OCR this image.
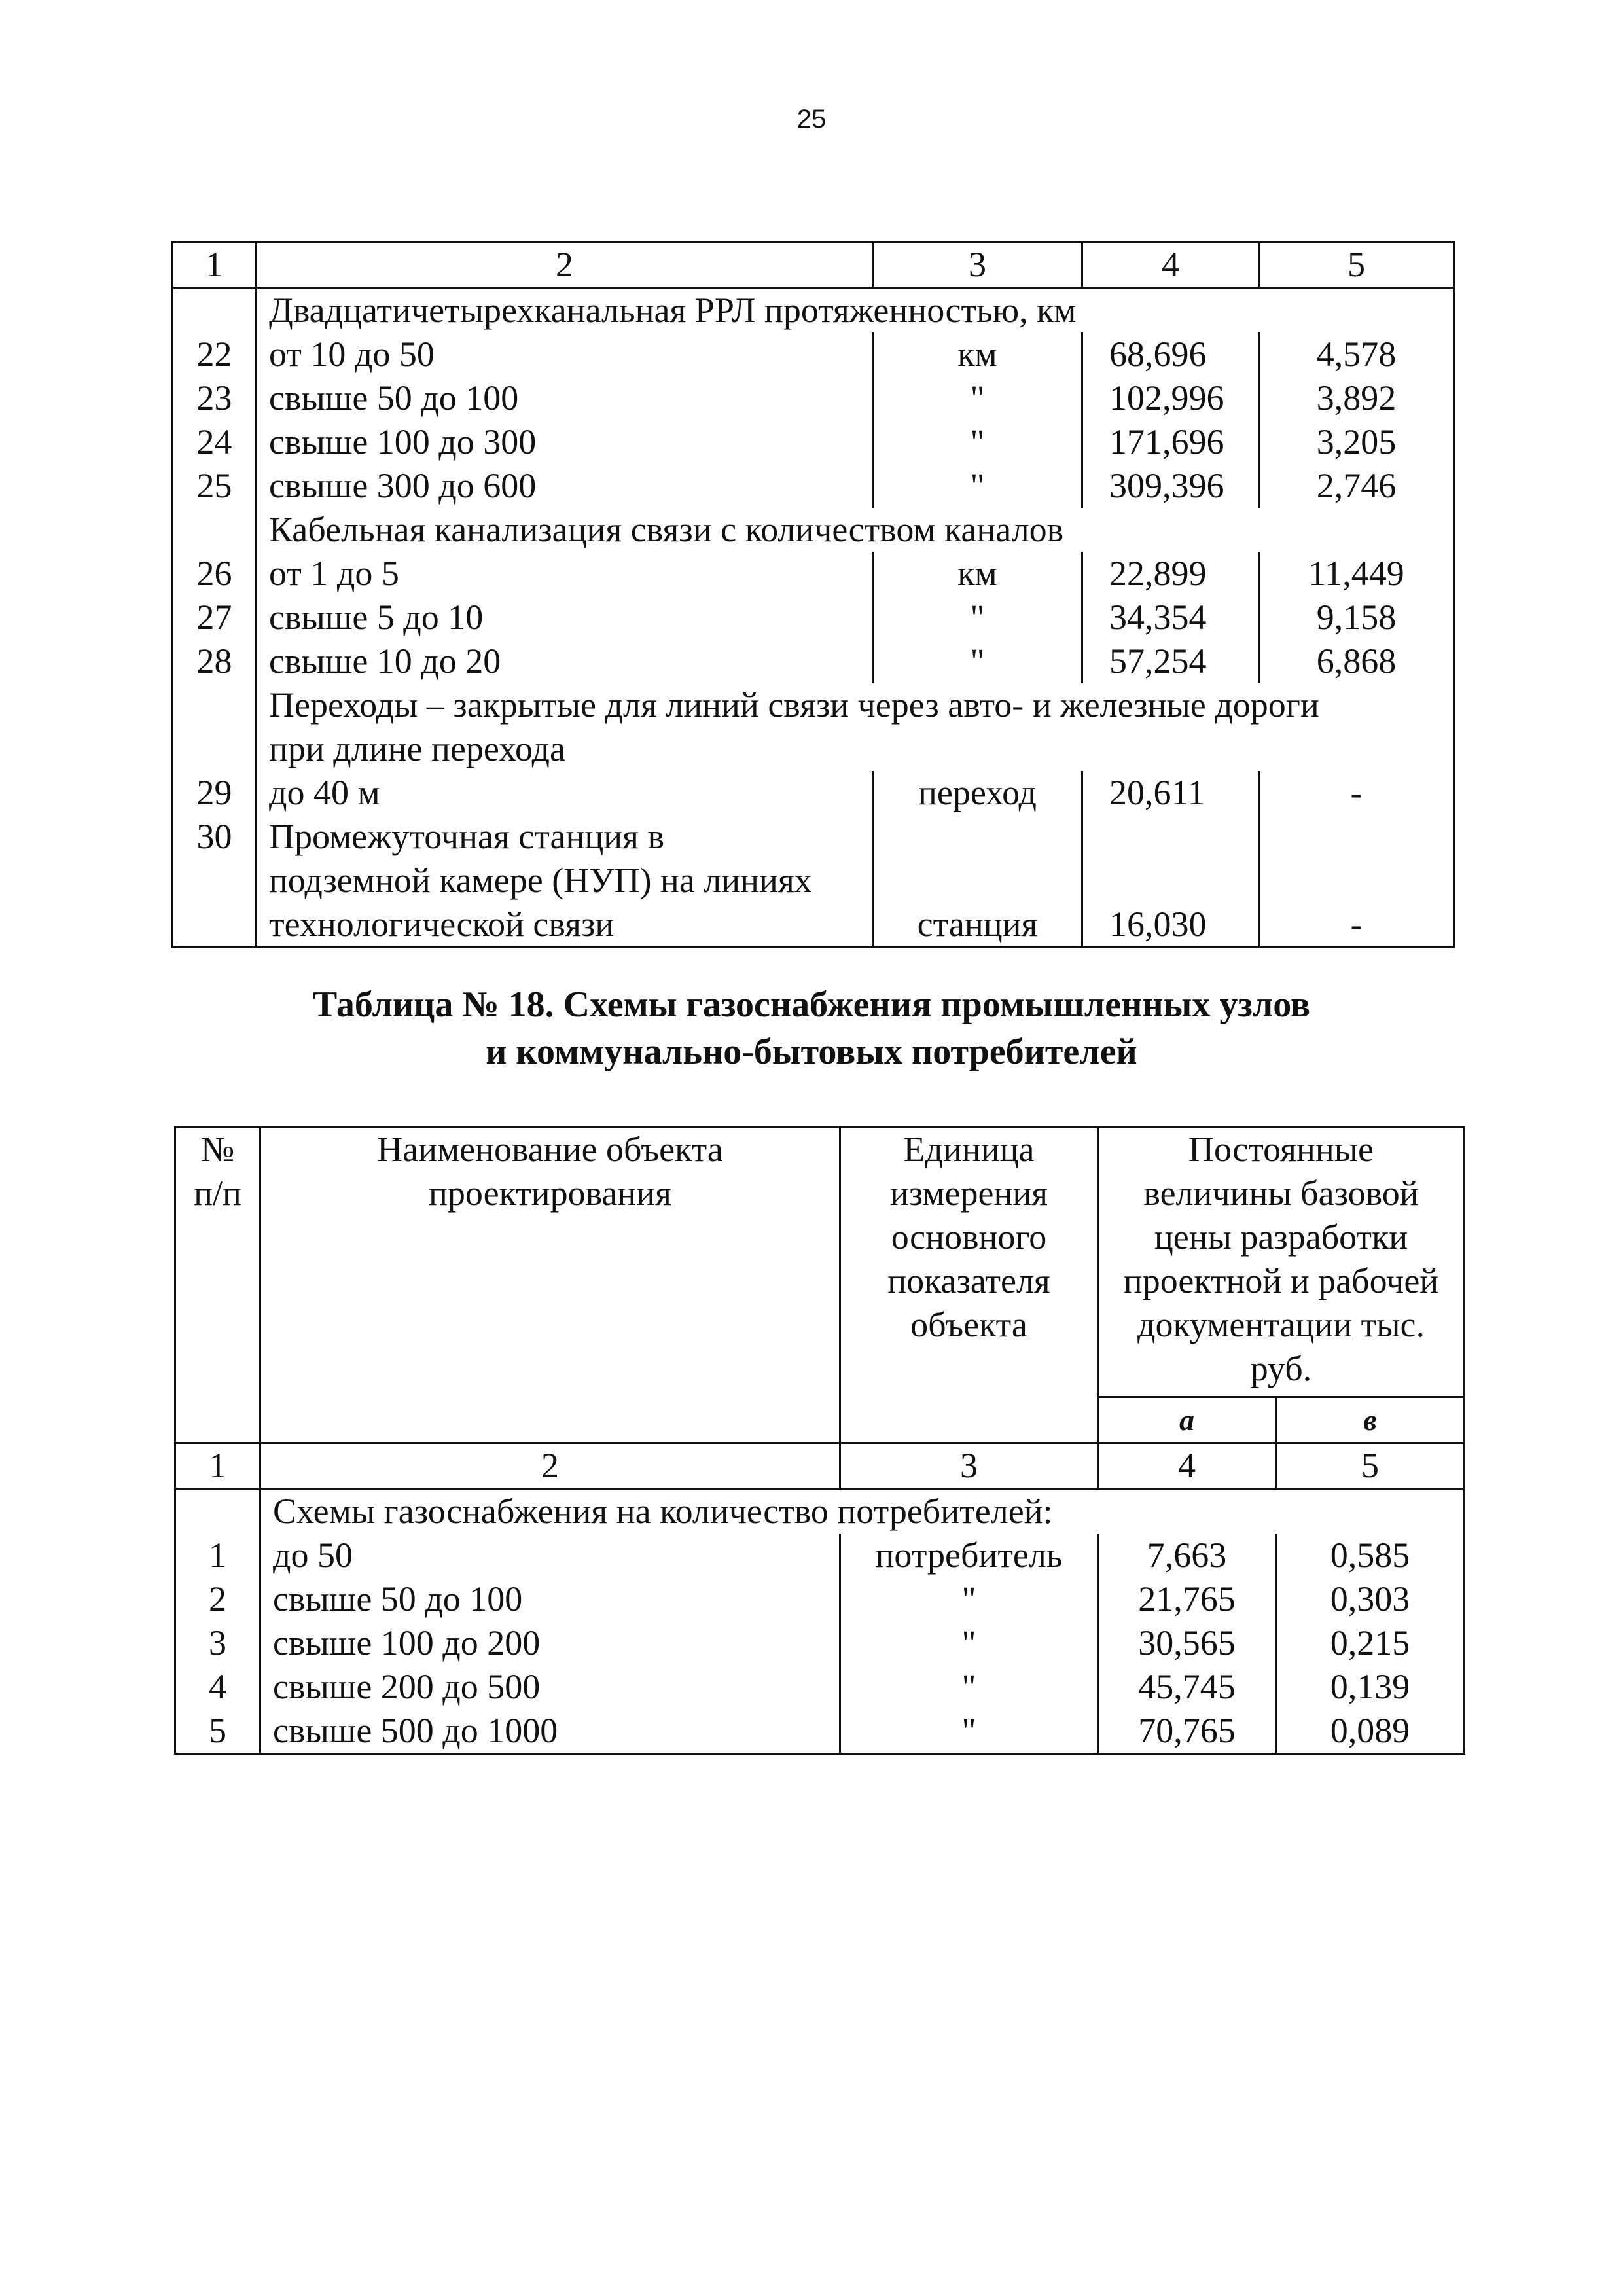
25
1	2	3	4	5
	Двадцатичетырехканальная РРЛ протяженностью, км			
22	от 10 до 50	км	68,696	4,578
23	свыше 50 до 100	"	102,996	3,892
24	свыше 100 до 300	"	171,696	3,205
25	свыше 300 до 600	"	309,396	2,746
	Кабельная канализация связи с количеством каналов			
26	от 1 до 5	км	22,899	11,449
27	свыше 5 до 10	"	34,354	9,158
28	свыше 10 до 20	"	57,254	6,868
	Переходы – закрытые для линий связи через авто- и железные дороги			
	при длине перехода			
29	до 40 м	переход	20,611	-
30	Промежуточная станция в			
	подземной камере (НУП) на линиях			
	технологической связи	станция	16,030	-
Таблица № 18. Схемы газоснабжения промышленных узлов
и коммунально-бытовых потребителей
№ п/п	Наименование объекта проектирования	Единица измерения основного показателя объекта	Постоянные величины базовой цены разработки проектной и рабочей документации тыс. руб.	
			а	в
1	2	3	4	5
	Схемы газоснабжения на количество потребителей:			
1	до 50	потребитель	7,663	0,585
2	свыше 50 до 100	"	21,765	0,303
3	свыше 100 до 200	"	30,565	0,215
4	свыше 200 до 500	"	45,745	0,139
5	свыше 500 до 1000	"	70,765	0,089
